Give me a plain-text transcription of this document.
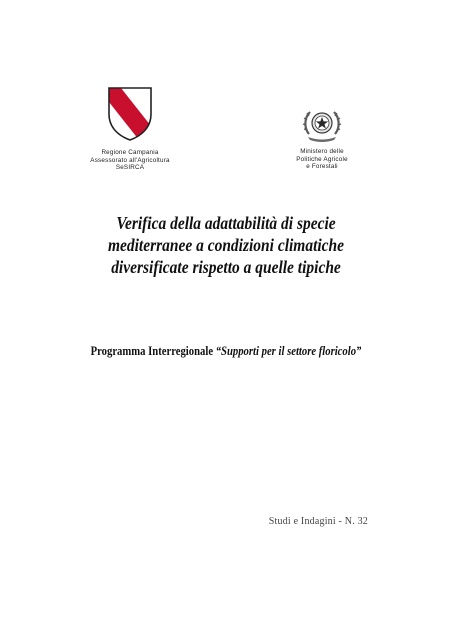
Regione Campania
Assessorato all'Agricoltura
SeSIRCA
Ministero delle
Politiche Agricole
e Forestali
Verifica della adattabilità di specie
mediterranee a condizioni climatiche
diversificate rispetto a quelle tipiche
Programma Interregionale “Supporti per il settore floricolo”
Studi e Indagini - N. 32
